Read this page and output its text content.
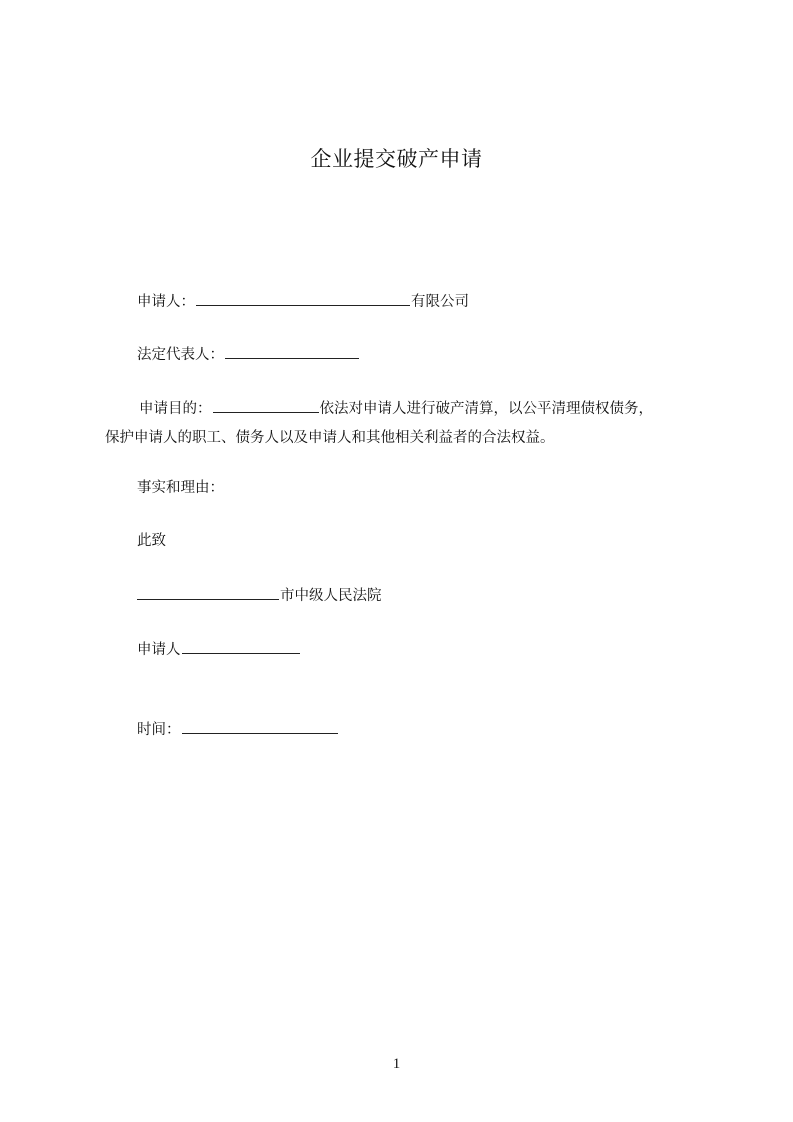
企业提交破产申请
申请人：	有限公司
法定代表人：
申请目的：	依法对申请人进行破产清算，以公平清理债权债务，
保护申请人的职工、债务人以及申请人和其他相关利益者的合法权益。
事实和理由：
此致
市中级人民法院
申请人
时间：
1
